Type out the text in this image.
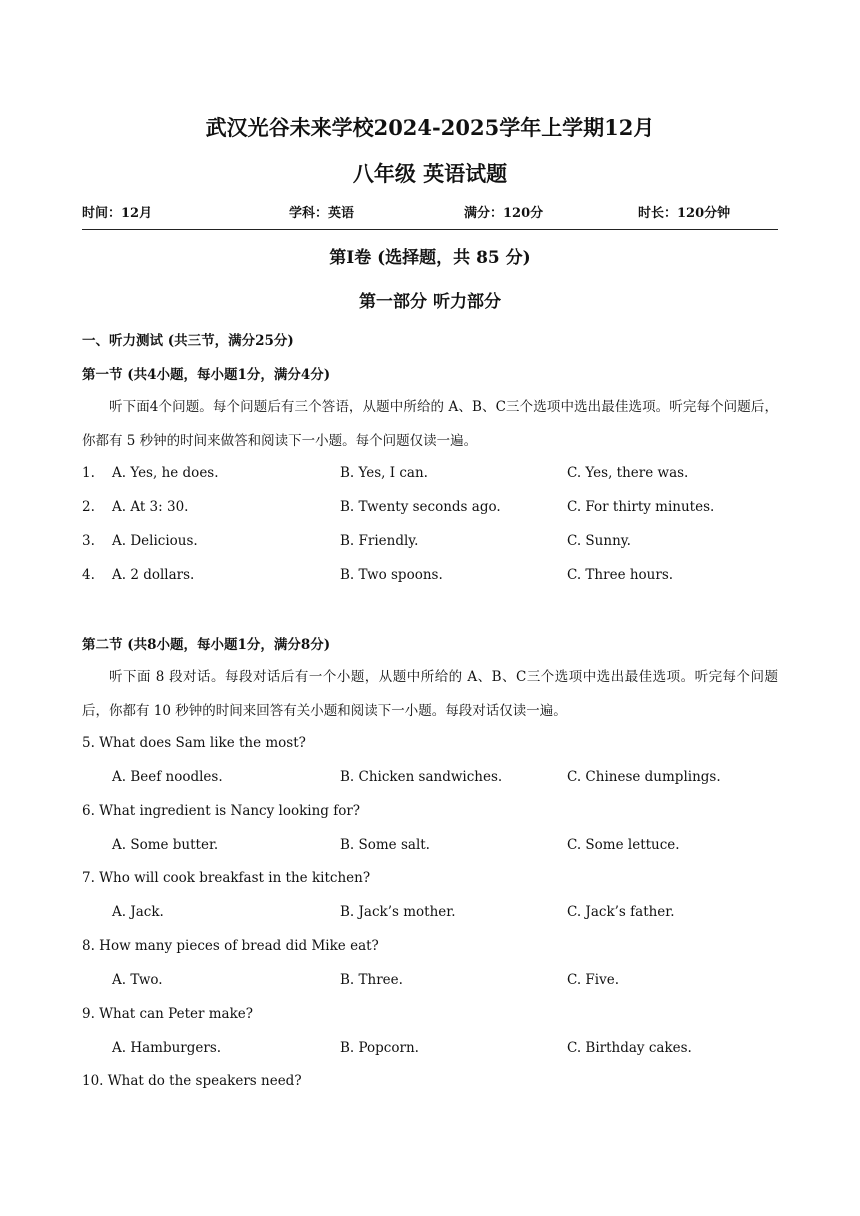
武汉光谷未来学校2024-2025学年上学期12月
八年级 英语试题
时间：12月	学科：英语	满分：120分	时长：120分钟
第I卷 (选择题，共 85 分)
第一部分 听力部分
一、听力测试 (共三节，满分25分)
第一节 (共4小题，每小题1分，满分4分)
听下面4个问题。每个问题后有三个答语，从题中所给的 A、B、C三个选项中选出最佳选项。听完每个问题后，你都有 5 秒钟的时间来做答和阅读下一小题。每个问题仅读一遍。
1. A. Yes, he does.	B. Yes, I can.	C. Yes, there was.
2. A. At 3: 30.	B. Twenty seconds ago.	C. For thirty minutes.
3. A. Delicious.	B. Friendly.	C. Sunny.
4. A. 2 dollars.	B. Two spoons.	C. Three hours.
第二节 (共8小题，每小题1分，满分8分)
听下面 8 段对话。每段对话后有一个小题，从题中所给的 A、B、C三个选项中选出最佳选项。听完每个问题后，你都有 10 秒钟的时间来回答有关小题和阅读下一小题。每段对话仅读一遍。
5. What does Sam like the most?
A. Beef noodles.	B. Chicken sandwiches.	C. Chinese dumplings.
6. What ingredient is Nancy looking for?
A. Some butter.	B. Some salt.	C. Some lettuce.
7. Who will cook breakfast in the kitchen?
A. Jack.	B. Jack’s mother.	C. Jack’s father.
8. How many pieces of bread did Mike eat?
A. Two.	B. Three.	C. Five.
9. What can Peter make?
A. Hamburgers.	B. Popcorn.	C. Birthday cakes.
10. What do the speakers need?
